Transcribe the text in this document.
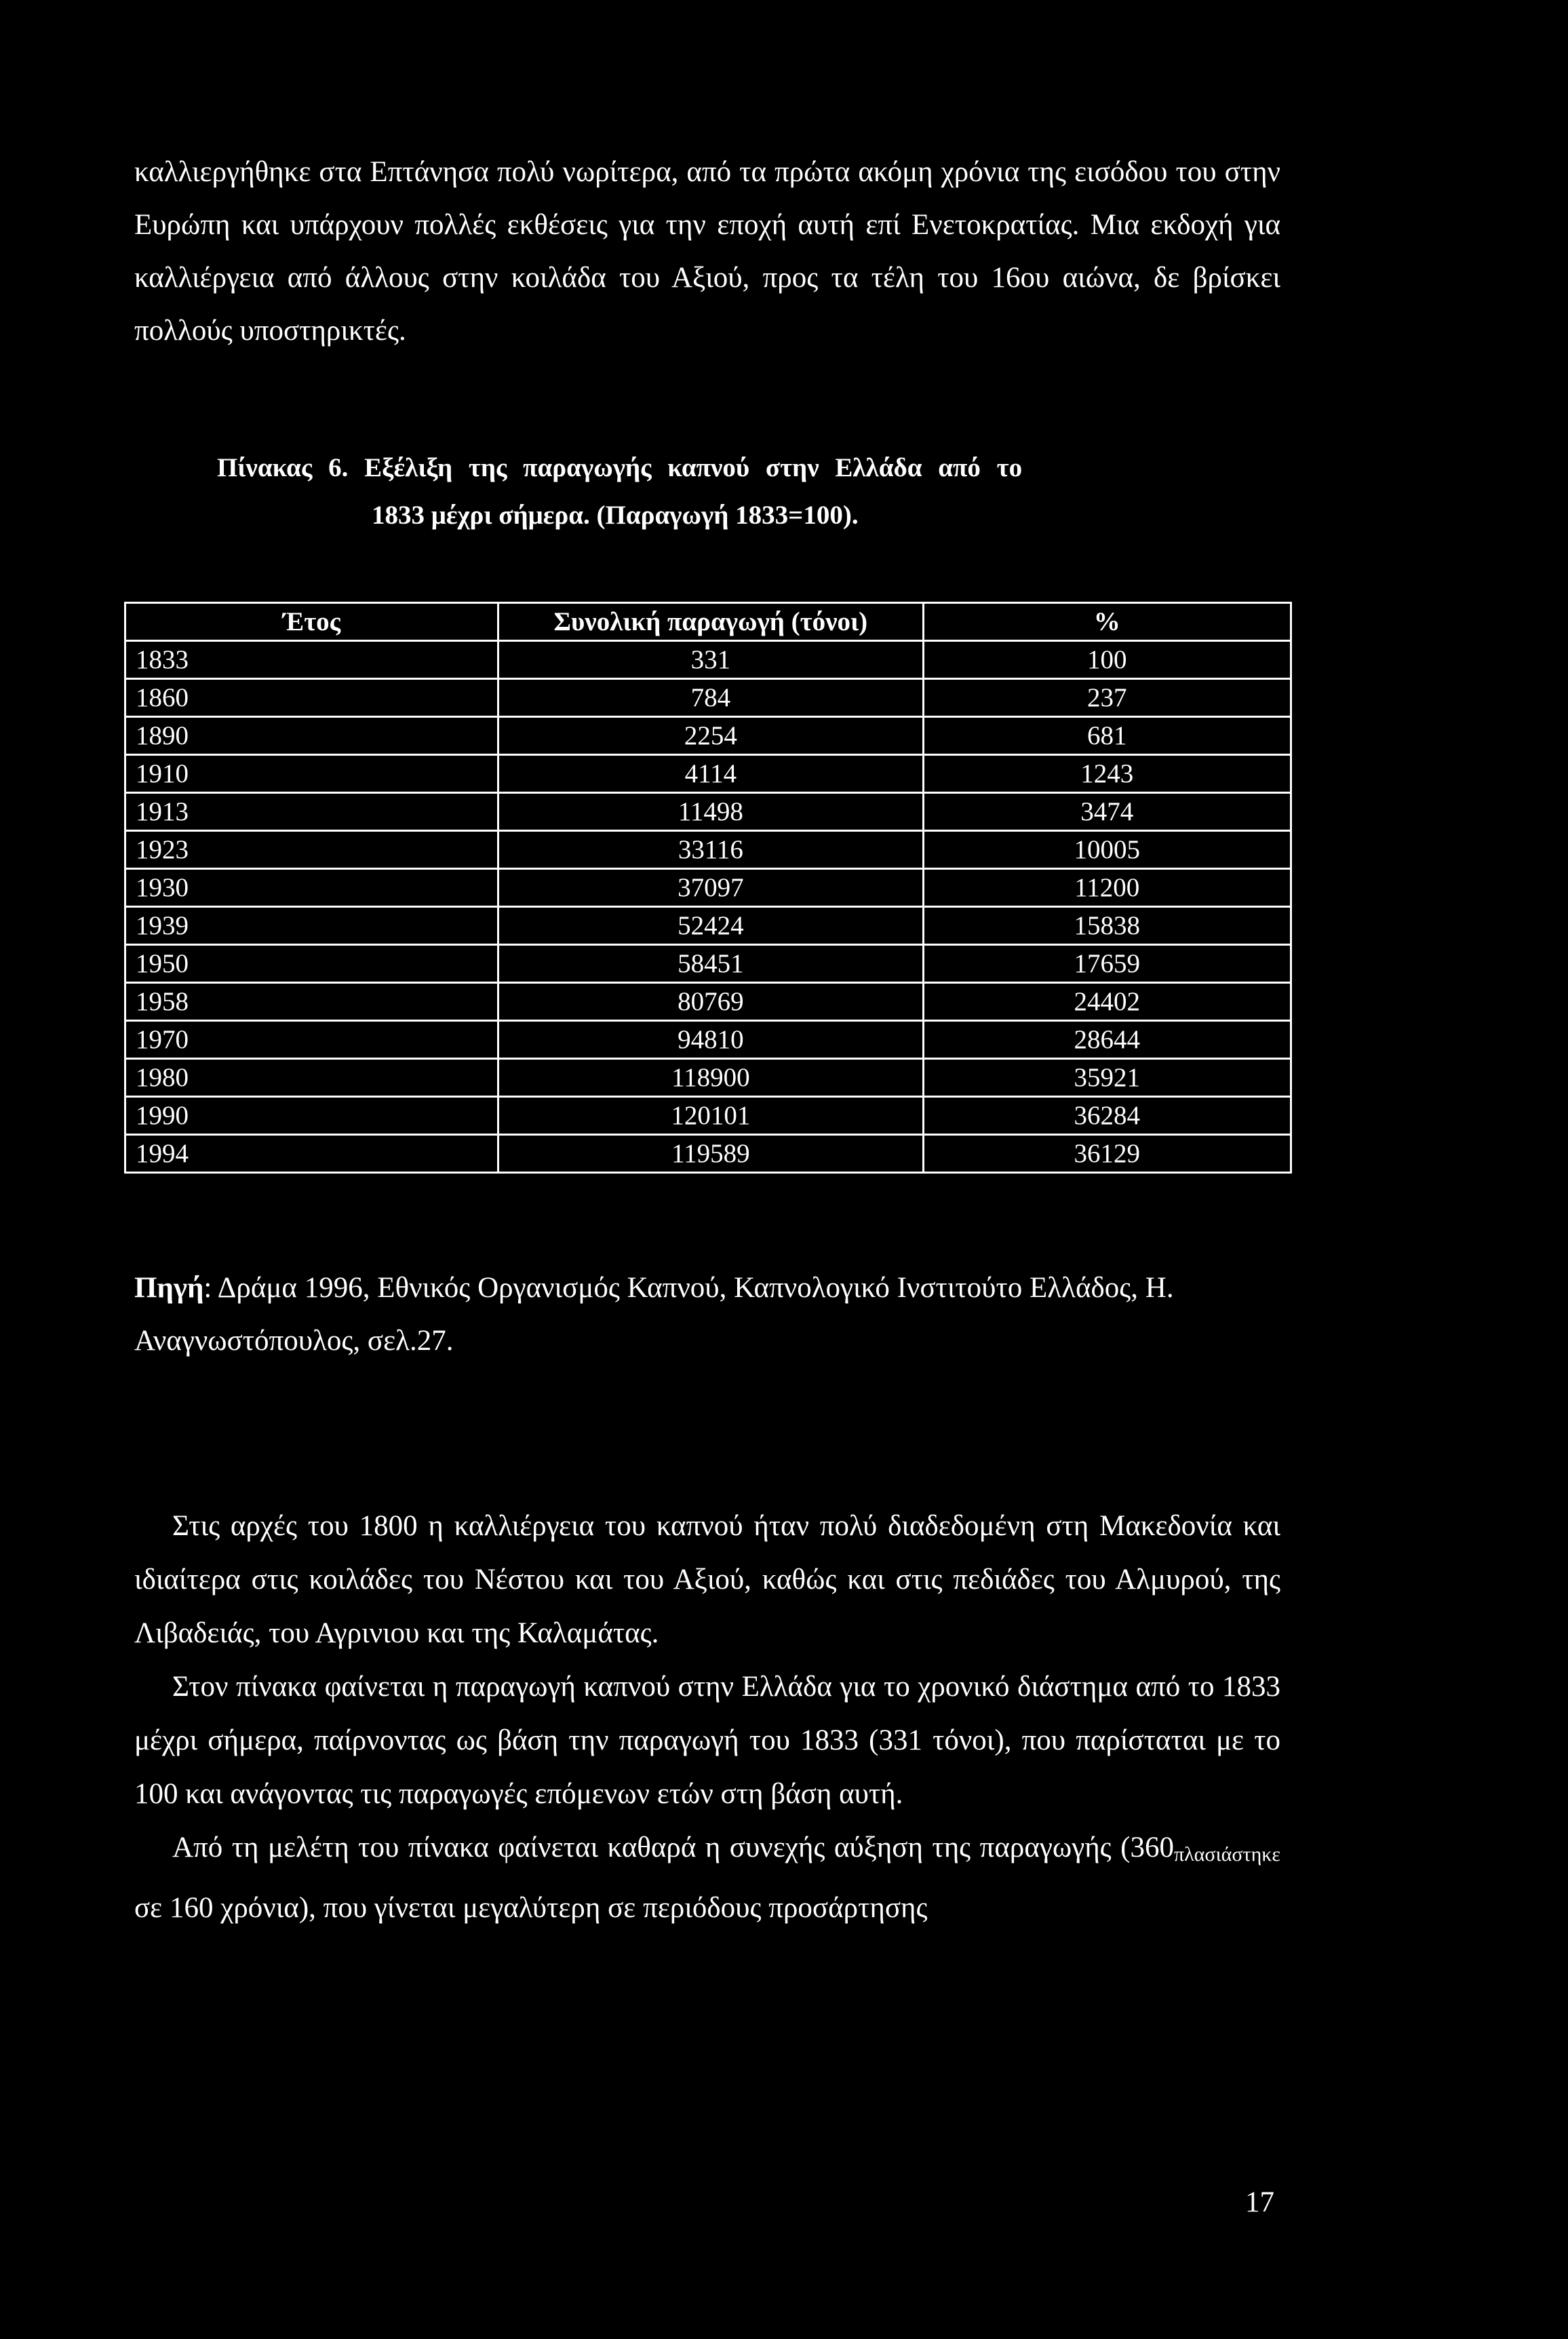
καλλιεργήθηκε στα Επτάνησα πολύ νωρίτερα, από τα πρώτα ακόμη χρόνια της εισόδου του στην Ευρώπη και υπάρχουν πολλές εκθέσεις για την εποχή αυτή επί Ενετοκρατίας. Μια εκδοχή για καλλιέργεια από άλλους στην κοιλάδα του Αξιού, προς τα τέλη του 16ου αιώνα, δε βρίσκει πολλούς υποστηρικτές.

Πίνακας 6. Εξέλιξη της παραγωγής καπνού στην Ελλάδα από το
1833 μέχρι σήμερα. (Παραγωγή 1833=100).

Έτος	Συνολική παραγωγή (τόνοι)	%
1833	331	100
1860	784	237
1890	2254	681
1910	4114	1243
1913	11498	3474
1923	33116	10005
1930	37097	11200
1939	52424	15838
1950	58451	17659
1958	80769	24402
1970	94810	28644
1980	118900	35921
1990	120101	36284
1994	119589	36129

Πηγή: Δράμα 1996, Εθνικός Οργανισμός Καπνού, Καπνολογικό Ινστιτούτο Ελλάδος, Η. Αναγνωστόπουλος, σελ.27.

Στις αρχές του 1800 η καλλιέργεια του καπνού ήταν πολύ διαδεδομένη στη Μακεδονία και ιδιαίτερα στις κοιλάδες του Νέστου και του Αξιού, καθώς και στις πεδιάδες του Αλμυρού, της Λιβαδειάς, του Αγρινιου και της Καλαμάτας.

Στον πίνακα φαίνεται η παραγωγή καπνού στην Ελλάδα για το χρονικό διάστημα από το 1833 μέχρι σήμερα, παίρνοντας ως βάση την παραγωγή του 1833 (331 τόνοι), που παρίσταται με το 100 και ανάγοντας τις παραγωγές επόμενων ετών στη βάση αυτή.

Από τη μελέτη του πίνακα φαίνεται καθαρά η συνεχής αύξηση της παραγωγής (360πλασιάστηκε σε 160 χρόνια), που γίνεται μεγαλύτερη σε περιόδους προσάρτησης

17
